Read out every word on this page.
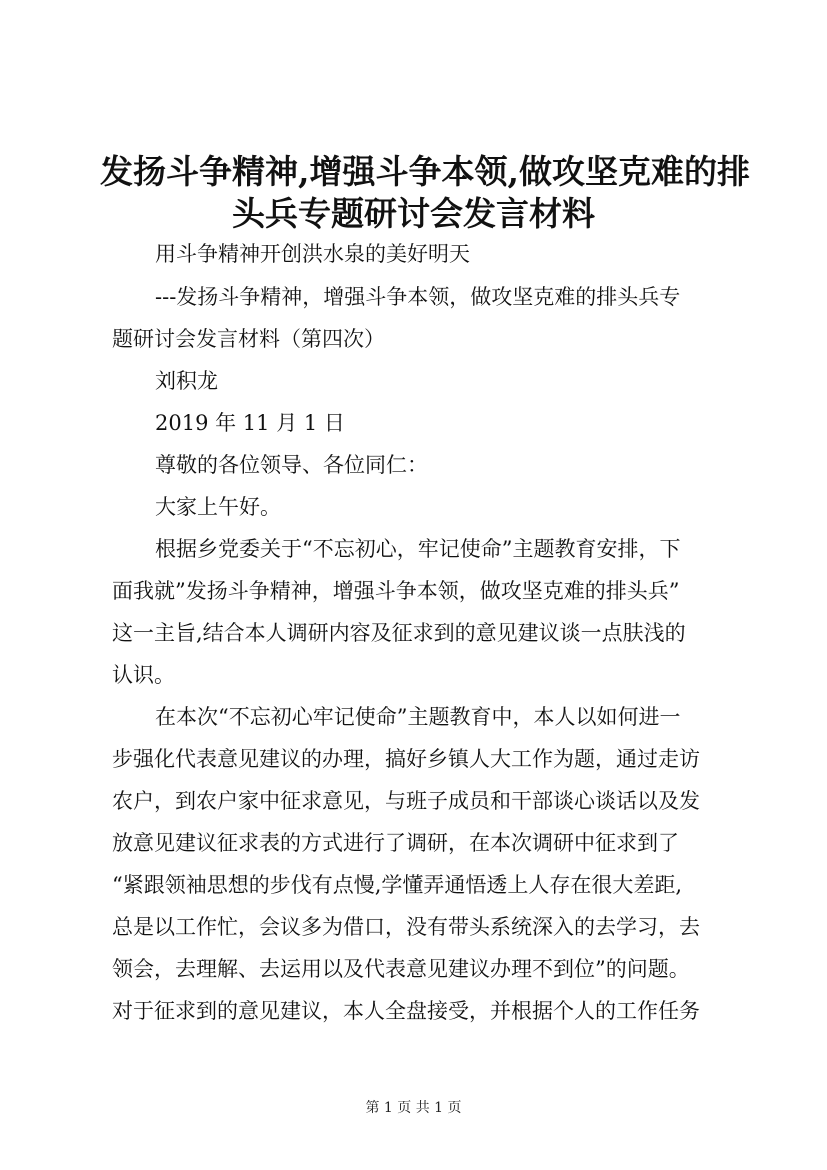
发扬斗争精神,增强斗争本领,做攻坚克难的排
头兵专题研讨会发言材料
用斗争精神开创洪水泉的美好明天
---发扬斗争精神，增强斗争本领，做攻坚克难的排头兵专
题研讨会发言材料（第四次）
刘积龙
2019 年 11 月 1 日
尊敬的各位领导、各位同仁：
大家上午好。
根据乡党委关于“不忘初心，牢记使命”主题教育安排，下
面我就”发扬斗争精神，增强斗争本领，做攻坚克难的排头兵”
这一主旨,结合本人调研内容及征求到的意见建议谈一点肤浅的
认识。
在本次“不忘初心牢记使命”主题教育中，本人以如何进一
步强化代表意见建议的办理，搞好乡镇人大工作为题，通过走访
农户，到农户家中征求意见，与班子成员和干部谈心谈话以及发
放意见建议征求表的方式进行了调研，在本次调研中征求到了
“紧跟领袖思想的步伐有点慢,学懂弄通悟透上人存在很大差距,
总是以工作忙，会议多为借口，没有带头系统深入的去学习，去
领会，去理解、去运用以及代表意见建议办理不到位”的问题。
对于征求到的意见建议，本人全盘接受，并根据个人的工作任务
第 1 页 共 1 页
